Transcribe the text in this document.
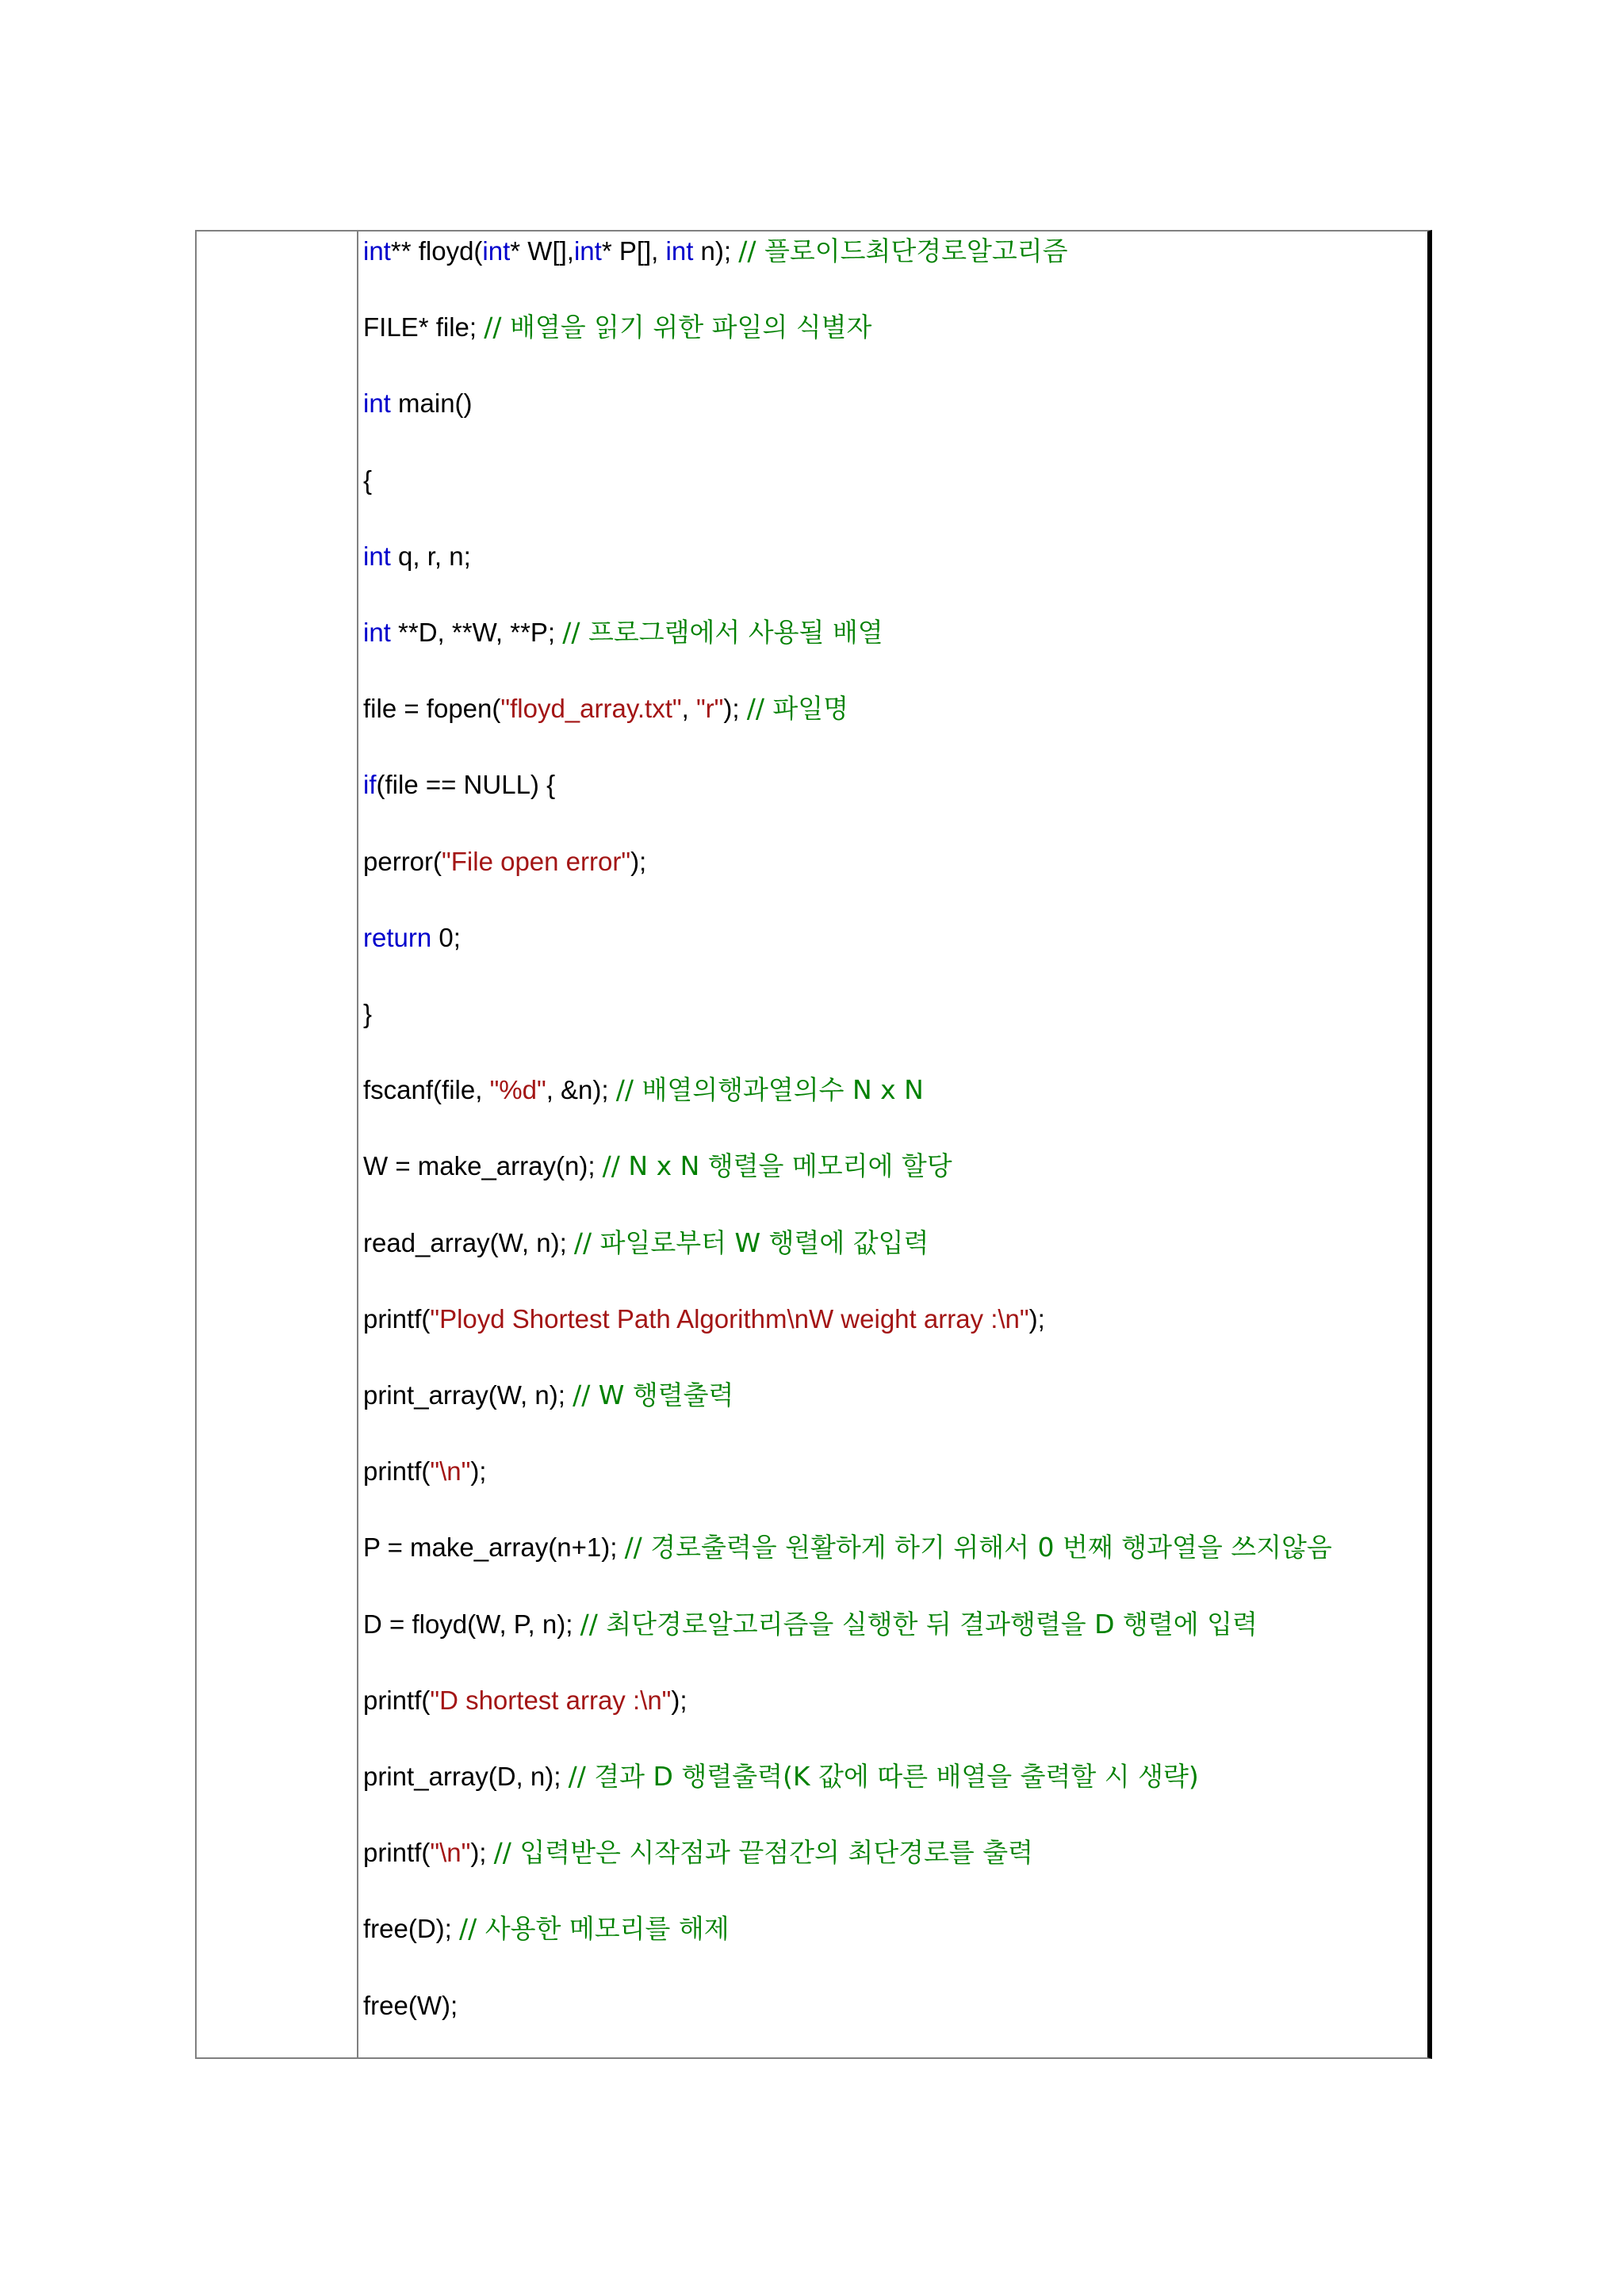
int** floyd(int* W[],int* P[], int n); // 플로이드최단경로알고리즘
FILE* file; // 배열을 읽기 위한 파일의 식별자
int main()
{
int q, r, n;
int **D, **W, **P; // 프로그램에서 사용될 배열
file = fopen("floyd_array.txt", "r"); // 파일명
if(file == NULL) {
perror("File open error");
return 0;
}
fscanf(file, "%d", &n); // 배열의행과열의수 N x N
W = make_array(n); // N x N 행렬을 메모리에 할당
read_array(W, n); // 파일로부터 W 행렬에 값입력
printf("Ployd Shortest Path Algorithm\nW weight array :\n");
print_array(W, n); // W 행렬출력
printf("\n");
P = make_array(n+1); // 경로출력을 원활하게 하기 위해서 0 번째 행과열을 쓰지않음
D = floyd(W, P, n); // 최단경로알고리즘을 실행한 뒤 결과행렬을 D 행렬에 입력
printf("D shortest array :\n");
print_array(D, n); // 결과 D 행렬출력(K 값에 따른 배열을 출력할 시 생략)
printf("\n"); // 입력받은 시작점과 끝점간의 최단경로를 출력
free(D); // 사용한 메모리를 해제
free(W);
